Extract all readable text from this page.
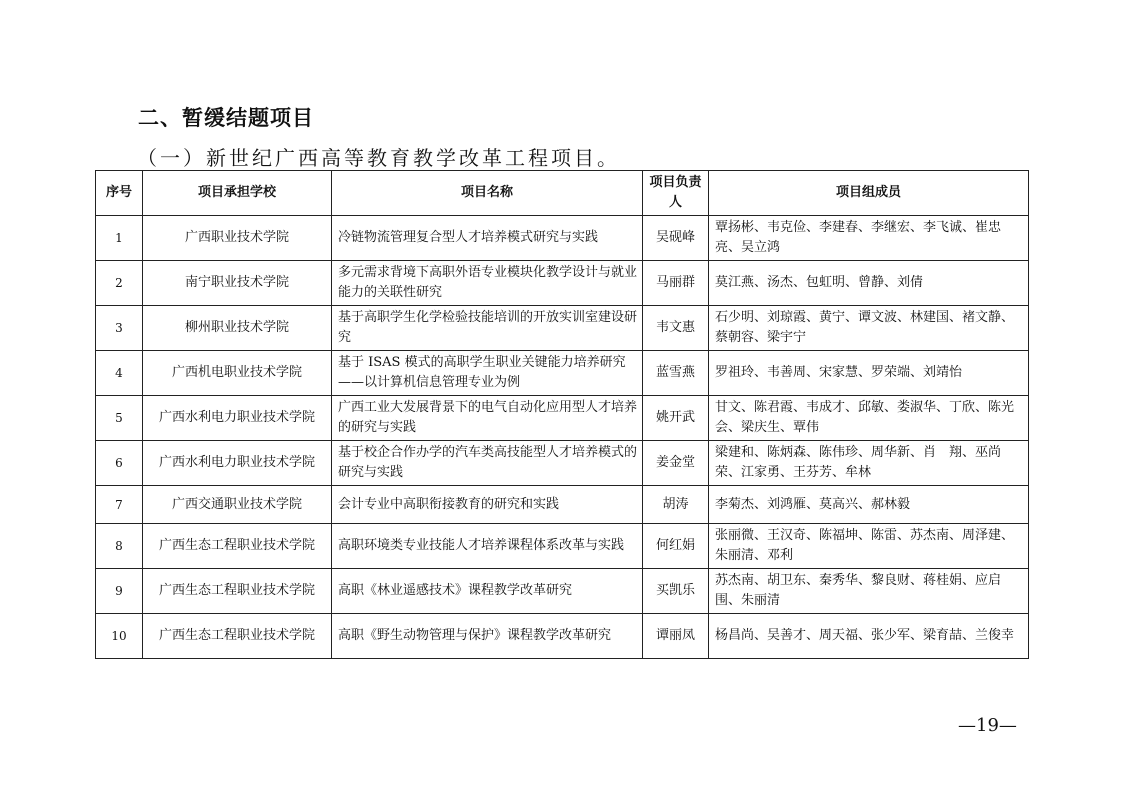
二、暂缓结题项目
（一）新世纪广西高等教育教学改革工程项目。
序号	项目承担学校	项目名称	项目负责人	项目组成员
1	广西职业技术学院	冷链物流管理复合型人才培养模式研究与实践	吴砚峰	覃扬彬、韦克俭、李建春、李继宏、李飞诚、崔忠亮、吴立鸿
2	南宁职业技术学院	多元需求背境下高职外语专业模块化教学设计与就业能力的关联性研究	马丽群	莫江燕、汤杰、包虹明、曾静、刘倩
3	柳州职业技术学院	基于高职学生化学检验技能培训的开放实训室建设研究	韦文惠	石少明、刘琼霞、黄宁、谭文波、林建国、褚文静、蔡朝容、梁宇宁
4	广西机电职业技术学院	基于 ISAS 模式的高职学生职业关键能力培养研究——以计算机信息管理专业为例	蓝雪燕	罗祖玲、韦善周、宋家慧、罗荣端、刘靖怡
5	广西水利电力职业技术学院	广西工业大发展背景下的电气自动化应用型人才培养的研究与实践	姚开武	甘文、陈君霞、韦成才、邱敏、娄淑华、丁欣、陈光会、梁庆生、覃伟
6	广西水利电力职业技术学院	基于校企合作办学的汽车类高技能型人才培养模式的研究与实践	姜金堂	梁建和、陈炳森、陈伟珍、周华新、肖　翔、巫尚荣、江家勇、王芬芳、牟林
7	广西交通职业技术学院	会计专业中高职衔接教育的研究和实践	胡涛	李菊杰、刘鸿雁、莫高兴、郝林毅
8	广西生态工程职业技术学院	高职环境类专业技能人才培养课程体系改革与实践	何红娟	张丽微、王汉奇、陈福坤、陈雷、苏杰南、周泽建、朱丽清、邓利
9	广西生态工程职业技术学院	高职《林业遥感技术》课程教学改革研究	买凯乐	苏杰南、胡卫东、秦秀华、黎良财、蒋桂娟、应启围、朱丽清
10	广西生态工程职业技术学院	高职《野生动物管理与保护》课程教学改革研究	谭丽凤	杨昌尚、吴善才、周天福、张少军、梁育喆、兰俊幸
—19—
